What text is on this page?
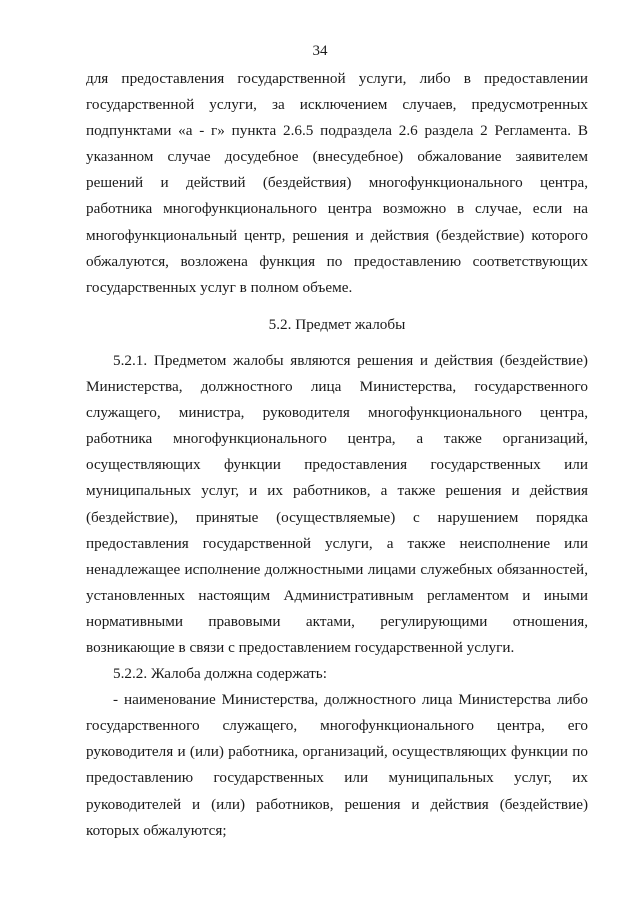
34

для предоставления государственной услуги, либо в предоставлении государственной услуги, за исключением случаев, предусмотренных подпунктами «а - г» пункта 2.6.5 подраздела 2.6 раздела 2 Регламента. В указанном случае досудебное (внесудебное) обжалование заявителем решений и действий (бездействия) многофункционального центра, работника многофункционального центра возможно в случае, если на многофункциональный центр, решения и действия (бездействие) которого обжалуются, возложена функция по предоставлению соответствующих государственных услуг в полном объеме.

5.2. Предмет жалобы

5.2.1. Предметом жалобы являются решения и действия (бездействие) Министерства, должностного лица Министерства, государственного служащего, министра, руководителя многофункционального центра, работника многофункционального центра, а также организаций, осуществляющих функции предоставления государственных или муниципальных услуг, и их работников, а также решения и действия (бездействие), принятые (осуществляемые) с нарушением порядка предоставления государственной услуги, а также неисполнение или ненадлежащее исполнение должностными лицами служебных обязанностей, установленных настоящим Административным регламентом и иными нормативными правовыми актами, регулирующими отношения, возникающие в связи с предоставлением государственной услуги.

5.2.2. Жалоба должна содержать:

- наименование Министерства, должностного лица Министерства либо государственного служащего, многофункционального центра, его руководителя и (или) работника, организаций, осуществляющих функции по предоставлению государственных или муниципальных услуг, их руководителей и (или) работников, решения и действия (бездействие) которых обжалуются;
